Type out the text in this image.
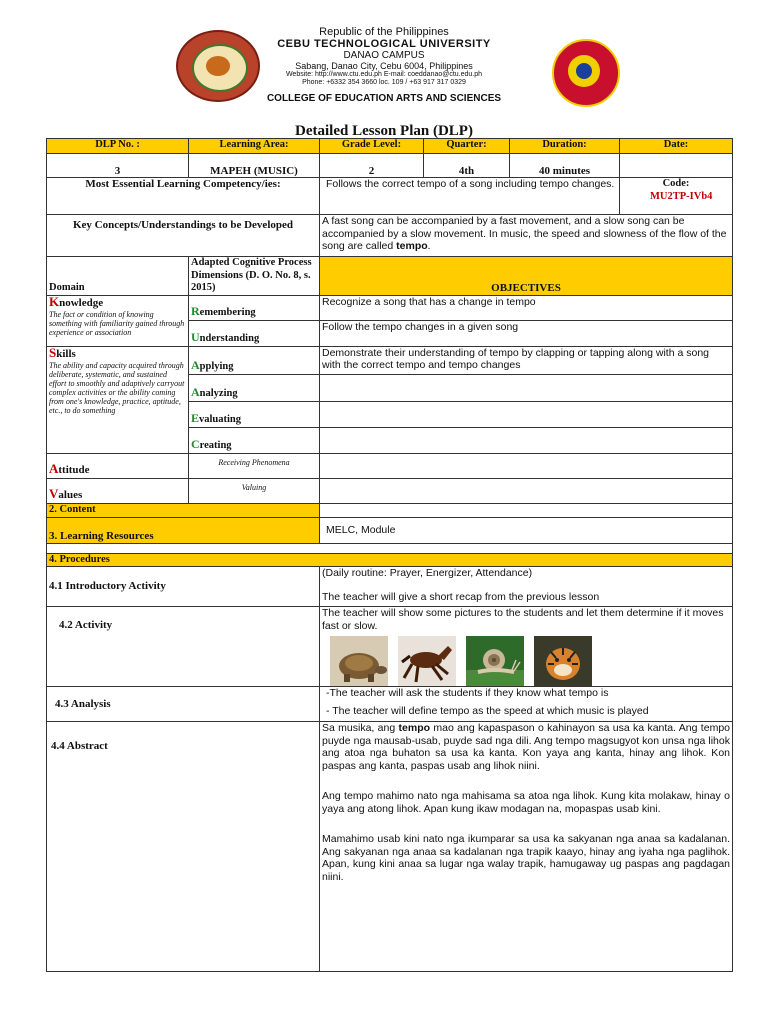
Republic of the Philippines
CEBU TECHNOLOGICAL UNIVERSITY
DANAO CAMPUS
Sabang, Danao City, Cebu 6004, Philippines
Website: http://www.ctu.edu.ph E-mail: coeddanao@ctu.edu.ph
Phone: +6332 354 3660 loc. 109 / +63 917 317 0329
COLLEGE OF EDUCATION ARTS AND SCIENCES
Detailed Lesson Plan (DLP)
DLP No. :	Learning Area:	Grade Level:	Quarter:	Duration:	Date:
3	MAPEH (MUSIC)	2	4th	40 minutes	
Most Essential Learning Competency/ies:		Follows the correct tempo of a song including tempo changes.			Code:
MU2TP-IVb4

Key Concepts/Understandings to be Developed		A fast song can be accompanied by a fast movement, and a slow song can be accompanied by a slow movement. In music, the speed and slowness of the flow of the song are called tempo.			
Domain	Adapted Cognitive Process Dimensions (D. O. No. 8, s. 2015)	OBJECTIVES			
Knowledge
The fact or condition of knowing something with familiarity gained through experience or association	Remembering	Recognize a song that has a change in tempo			
	Understanding	Follow the tempo changes in a given song			
Skills
The ability and capacity acquired through deliberate, systematic, and sustained effort to smoothly and adaptively carryout complex activities or the ability coming from one's knowledge, practice, aptitude, etc., to do something	Applying	Demonstrate their understanding of tempo by clapping or tapping along with a song with the correct tempo and tempo changes			
	Analyzing				
	Evaluating				
	Creating				
Attitude	Receiving Phenomena				
Values	Valuing				
2. Content					
3. Learning Resources		MELC, Module			

4. Procedures					
4.1 Introductory Activity		(Daily routine: Prayer, Energizer, Attendance)
The teacher will give a short recap from the previous lesson			

4.2 Activity		The teacher will show some pictures to the students and let them determine if it moves fast or slow.			

4.3 Analysis		-The teacher will ask the students if they know what tempo is
- The teacher will define tempo as the speed at which music is played			

4.4 Abstract		Sa musika, ang tempo mao ang kapaspason o kahinayon sa usa ka kanta. Ang tempo puyde nga mausab-usab, puyde sad nga dili. Ang tempo magsugyot kon unsa nga lihok ang atoa nga buhaton sa usa ka kanta. Kon yaya ang kanta, hinay ang lihok. Kon paspas ang kanta, paspas usab ang lihok niini.
Ang tempo mahimo nato nga mahisama sa atoa nga lihok. Kung kita molakaw, hinay o yaya ang atong lihok. Apan kung ikaw modagan na, mopaspas usab kini.
Mamahimo usab kini nato nga ikumparar sa usa ka sakyanan nga anaa sa kadalanan. Ang sakyanan nga anaa sa kadalanan nga trapik kaayo, hinay ang iyaha nga paglihok. Apan, kung kini anaa sa lugar nga walay trapik, hamugaway ug paspas ang pagdagan niini.			
